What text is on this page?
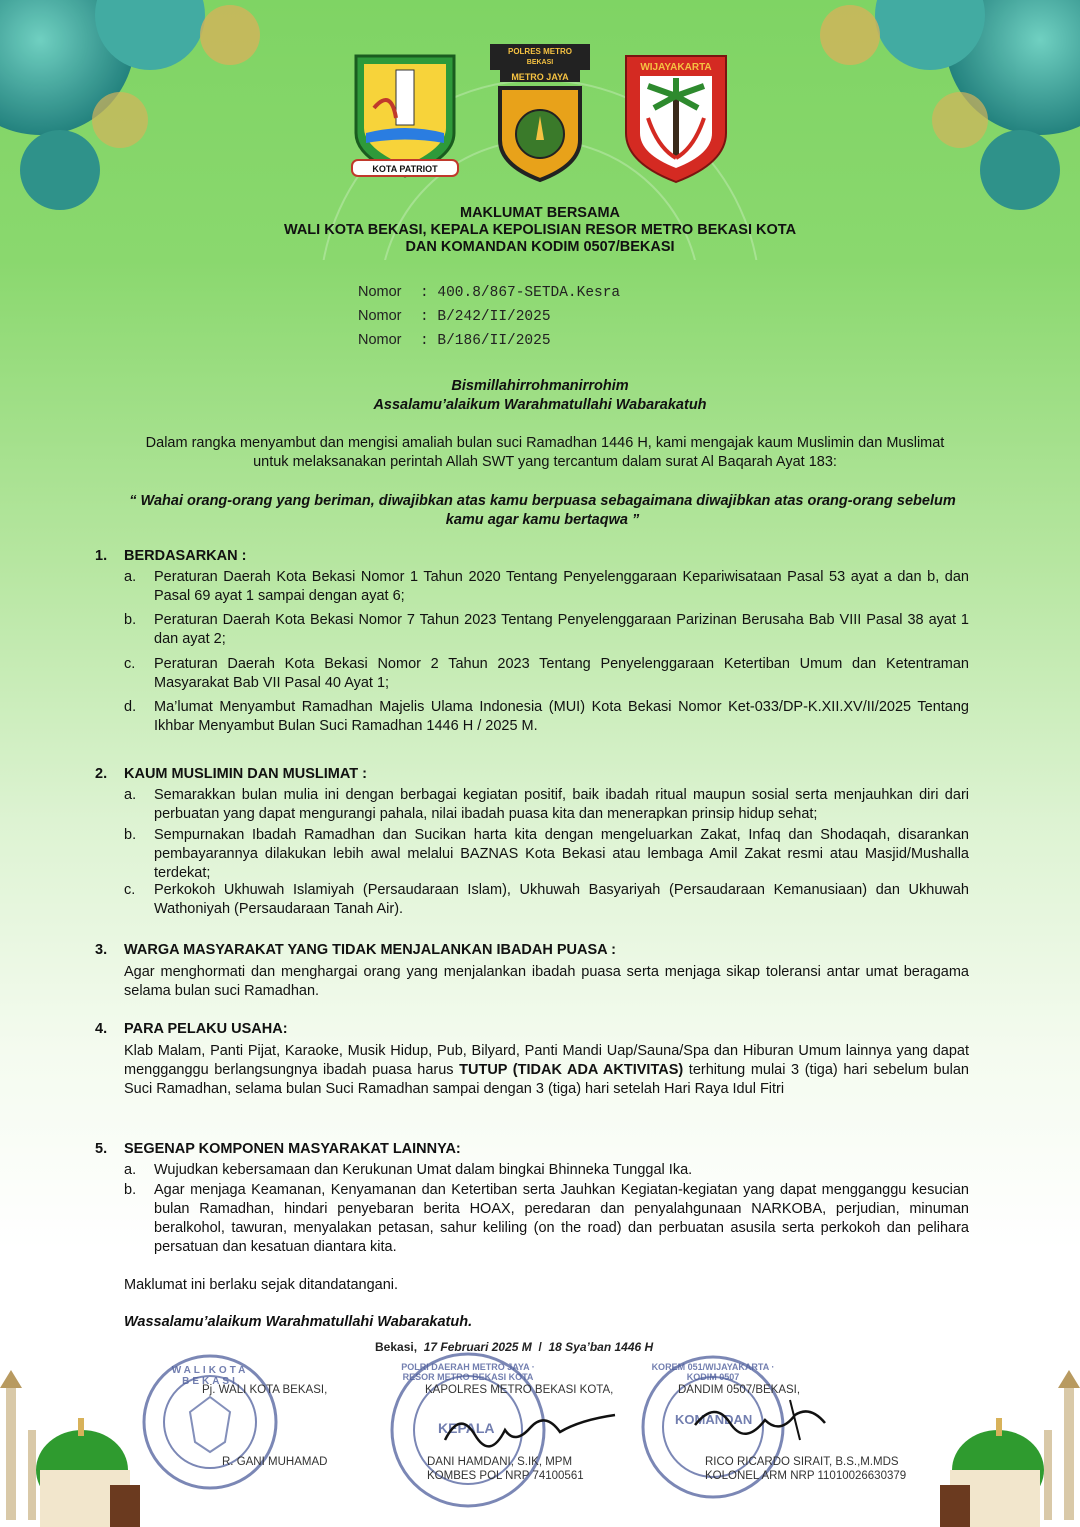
KOTA PATRIOT
POLRES METRO
BEKASI
METRO JAYA
WIJAYAKARTA
MAKLUMAT BERSAMA
WALI KOTA BEKASI, KEPALA KEPOLISIAN RESOR METRO BEKASI KOTA
DAN KOMANDAN KODIM 0507/BEKASI
Nomor : 400.8/867-SETDA.Kesra
Nomor : B/242/II/2025
Nomor : B/186/II/2025
Bismillahirrohmanirrohim
Assalamu’alaikum Warahmatullahi Wabarakatuh
Dalam rangka menyambut dan mengisi amaliah bulan suci Ramadhan 1446 H, kami mengajak kaum Muslimin dan Muslimat untuk melaksanakan perintah Allah SWT yang tercantum dalam surat Al Baqarah Ayat 183:
“ Wahai orang-orang yang beriman, diwajibkan atas kamu berpuasa sebagaimana diwajibkan atas orang-orang sebelum kamu agar kamu bertaqwa ”
1. BERDASARKAN :
a. Peraturan Daerah Kota Bekasi Nomor 1 Tahun 2020 Tentang Penyelenggaraan Kepariwisataan Pasal 53 ayat a dan b, dan Pasal 69 ayat 1 sampai dengan ayat 6;
b. Peraturan Daerah Kota Bekasi Nomor 7 Tahun 2023 Tentang Penyelenggaraan Parizinan Berusaha Bab VIII Pasal 38 ayat 1 dan ayat 2;
c. Peraturan Daerah Kota Bekasi Nomor 2 Tahun 2023 Tentang Penyelenggaraan Ketertiban Umum dan Ketentraman Masyarakat Bab VII Pasal 40 Ayat 1;
d. Ma’lumat Menyambut Ramadhan Majelis Ulama Indonesia (MUI) Kota Bekasi Nomor Ket-033/DP-K.XII.XV/II/2025 Tentang Ikhbar Menyambut Bulan Suci Ramadhan 1446 H / 2025 M.
2. KAUM MUSLIMIN DAN MUSLIMAT :
a. Semarakkan bulan mulia ini dengan berbagai kegiatan positif, baik ibadah ritual maupun sosial serta menjauhkan diri dari perbuatan yang dapat mengurangi pahala, nilai ibadah puasa kita dan menerapkan prinsip hidup sehat;
b. Sempurnakan Ibadah Ramadhan dan Sucikan harta kita dengan mengeluarkan Zakat, Infaq dan Shodaqah, disarankan pembayarannya dilakukan lebih awal melalui BAZNAS Kota Bekasi atau lembaga Amil Zakat resmi atau Masjid/Mushalla terdekat;
c. Perkokoh Ukhuwah Islamiyah (Persaudaraan Islam), Ukhuwah Basyariyah (Persaudaraan Kemanusiaan) dan Ukhuwah Wathoniyah (Persaudaraan Tanah Air).
3. WARGA MASYARAKAT YANG TIDAK MENJALANKAN IBADAH PUASA :
Agar menghormati dan menghargai orang yang menjalankan ibadah puasa serta menjaga sikap toleransi antar umat beragama selama bulan suci Ramadhan.
4. PARA PELAKU USAHA:
Klab Malam, Panti Pijat, Karaoke, Musik Hidup, Pub, Bilyard, Panti Mandi Uap/Sauna/Spa dan Hiburan Umum lainnya yang dapat mengganggu berlangsungnya ibadah puasa harus TUTUP (TIDAK ADA AKTIVITAS) terhitung mulai 3 (tiga) hari sebelum bulan Suci Ramadhan, selama bulan Suci Ramadhan sampai dengan 3 (tiga) hari setelah Hari Raya Idul Fitri
5. SEGENAP KOMPONEN MASYARAKAT LAINNYA:
a. Wujudkan kebersamaan dan Kerukunan Umat dalam bingkai Bhinneka Tunggal Ika.
b. Agar menjaga Keamanan, Kenyamanan dan Ketertiban serta Jauhkan Kegiatan-kegiatan yang dapat mengganggu kesucian bulan Ramadhan, hindari penyebaran berita HOAX, peredaran dan penyalahgunaan NARKOBA, perjudian, minuman beralkohol, tawuran, menyalakan petasan, sahur keliling (on the road) dan perbuatan asusila serta perkokoh dan pelihara persatuan dan kesatuan diantara kita.
Maklumat ini berlaku sejak ditandatangani.
Wassalamu’alaikum Warahmatullahi Wabarakatuh.
Bekasi, 17 Februari 2025 M / 18 Sya’ban 1446 H
WALIKOTA BEKASI
POLRI DAERAH METRO JAYA · RESOR METRO BEKASI KOTA
KEPALA
KOREM 051/WIJAYAKARTA · KODIM 0507
KOMANDAN
Pj. WALI KOTA BEKASI,
R. GANI MUHAMAD
KAPOLRES METRO BEKASI KOTA,
DANI HAMDANI, S.IK, MPM
KOMBES POL NRP 74100561
DANDIM 0507/BEKASI,
RICO RICARDO SIRAIT, B.S.,M.MDS
KOLONEL ARM NRP 11010026630379
